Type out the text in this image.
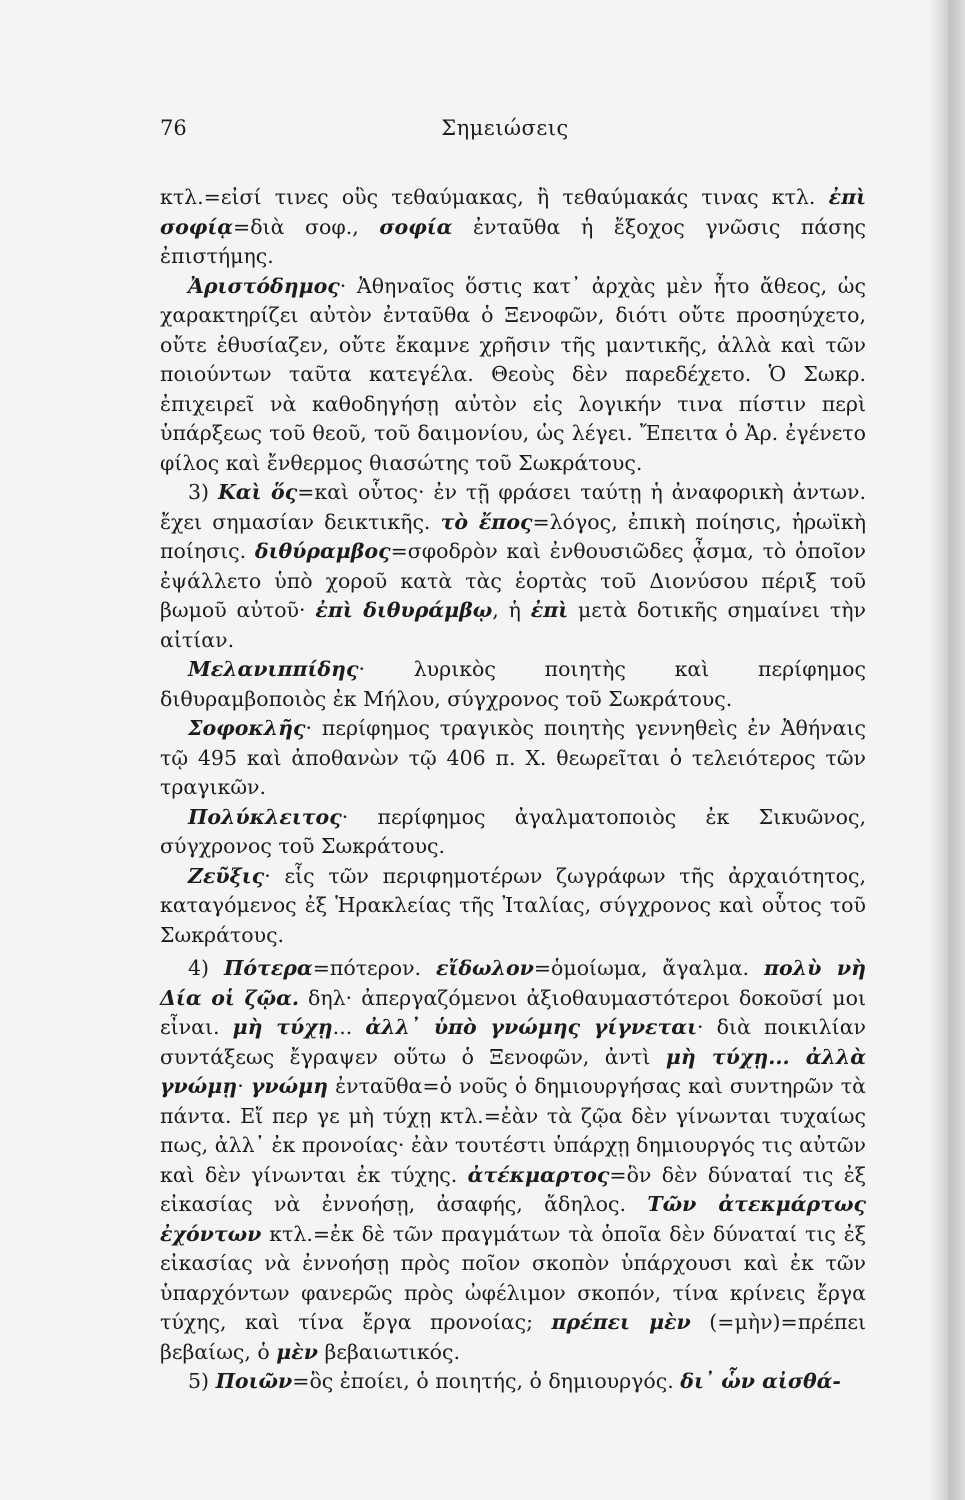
76	Σημειώσεις

κτλ.=εἰσί τινες οὓς τεθαύμακας, ἢ τεθαύμακάς τινας κτλ. ἐπὶ σοφίᾳ=διὰ σοφ., σοφία ἐνταῦθα ἡ ἔξοχος γνῶσις πάσης ἐπιστήμης.

Ἀριστόδημος· Ἀθηναῖος ὅστις κατ᾽ ἀρχὰς μὲν ἦτο ἄθεος, ὡς χαρακτηρίζει αὐτὸν ἐνταῦθα ὁ Ξενοφῶν, διότι οὔτε προσηύχετο, οὔτε ἐθυσίαζεν, οὔτε ἔκαμνε χρῆσιν τῆς μαντικῆς, ἀλλὰ καὶ τῶν ποιούντων ταῦτα κατεγέλα. Θεοὺς δὲν παρεδέχετο. Ὁ Σωκρ. ἐπιχειρεῖ νὰ καθοδηγήσῃ αὐτὸν εἰς λογικήν τινα πίστιν περὶ ὑπάρξεως τοῦ θεοῦ, τοῦ δαιμονίου, ὡς λέγει. Ἔπειτα ὁ Ἀρ. ἐγένετο φίλος καὶ ἔνθερμος θιασώτης τοῦ Σωκράτους.

3) Καὶ ὅς=καὶ οὗτος· ἐν τῇ φράσει ταύτῃ ἡ ἀναφορικὴ ἀντων. ἔχει σημασίαν δεικτικῆς. τὸ ἔπος=λόγος, ἐπικὴ ποίησις, ἡρωϊκὴ ποίησις. διθύραμβος=σφοδρὸν καὶ ἐνθουσιῶδες ᾆσμα, τὸ ὁποῖον ἐψάλλετο ὑπὸ χοροῦ κατὰ τὰς ἑορτὰς τοῦ Διονύσου πέριξ τοῦ βωμοῦ αὐτοῦ· ἐπὶ διθυράμβῳ, ἡ ἐπὶ μετὰ δοτικῆς σημαίνει τὴν αἰτίαν.

Μελανιππίδης· λυρικὸς ποιητὴς καὶ περίφημος διθυραμβοποιὸς ἐκ Μήλου, σύγχρονος τοῦ Σωκράτους.

Σοφοκλῆς· περίφημος τραγικὸς ποιητὴς γεννηθεὶς ἐν Ἀθήναις τῷ 495 καὶ ἀποθανὼν τῷ 406 π. Χ. θεωρεῖται ὁ τελειότερος τῶν τραγικῶν.

Πολύκλειτος· περίφημος ἀγαλματοποιὸς ἐκ Σικυῶνος, σύγχρονος τοῦ Σωκράτους.

Ζεῦξις· εἷς τῶν περιφημοτέρων ζωγράφων τῆς ἀρχαιότητος, καταγόμενος ἐξ Ἡρακλείας τῆς Ἰταλίας, σύγχρονος καὶ οὗτος τοῦ Σωκράτους.

4) Πότερα=πότερον. εἴδωλον=ὁμοίωμα, ἄγαλμα. πολὺ νὴ Δία οἱ ζῷα. δηλ· ἀπεργαζόμενοι ἀξιοθαυμαστότεροι δοκοῦσί μοι εἶναι. μὴ τύχῃ... ἀλλ᾽ ὑπὸ γνώμης γίγνεται· διὰ ποικιλίαν συντάξεως ἔγραψεν οὕτω ὁ Ξενοφῶν, ἀντὶ μὴ τύχῃ... ἀλλὰ γνώμῃ· γνώμη ἐνταῦθα=ὁ νοῦς ὁ δημιουργήσας καὶ συντηρῶν τὰ πάντα. Εἴ περ γε μὴ τύχῃ κτλ.=ἐὰν τὰ ζῷα δὲν γίνωνται τυχαίως πως, ἀλλ᾽ ἐκ προνοίας· ἐὰν τουτέστι ὑπάρχῃ δημιουργός τις αὐτῶν καὶ δὲν γίνωνται ἐκ τύχης. ἀτέκμαρτος=ὃν δὲν δύναταί τις ἐξ εἰκασίας νὰ ἐννοήσῃ, ἀσαφής, ἄδηλος. Τῶν ἀτεκμάρτως ἐχόντων κτλ.=ἐκ δὲ τῶν πραγμάτων τὰ ὁποῖα δὲν δύναταί τις ἐξ εἰκασίας νὰ ἐννοήσῃ πρὸς ποῖον σκοπὸν ὑπάρχουσι καὶ ἐκ τῶν ὑπαρχόντων φανερῶς πρὸς ὠφέλιμον σκοπόν, τίνα κρίνεις ἔργα τύχης, καὶ τίνα ἔργα προνοίας; πρέπει μὲν (=μὴν)=πρέπει βεβαίως, ὁ μὲν βεβαιωτικός.

5) Ποιῶν=ὃς ἐποίει, ὁ ποιητής, ὁ δημιουργός. δι᾽ ὧν αἰσθά-
